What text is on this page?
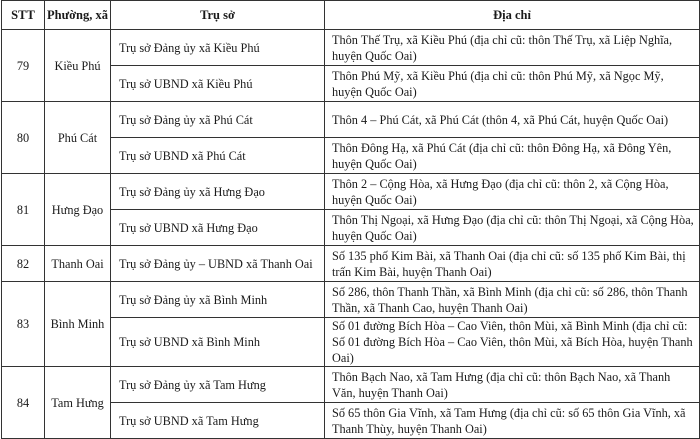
STT	Phường, xã	Trụ sở	Địa chỉ
79	Kiều Phú	Trụ sở Đảng ủy xã Kiều Phú	Thôn Thế Trụ, xã Kiều Phú (địa chỉ cũ: thôn Thế Trụ, xã Liệp Nghĩa, huyện Quốc Oai)
		Trụ sở UBND xã Kiều Phú	Thôn Phú Mỹ, xã Kiều Phú (địa chỉ cũ: thôn Phú Mỹ, xã Ngọc Mỹ, huyện Quốc Oai)
80	Phú Cát	Trụ sở Đảng ủy xã Phú Cát	Thôn 4 – Phú Cát, xã Phú Cát (thôn 4, xã Phú Cát, huyện Quốc Oai)
		Trụ sở UBND xã Phú Cát	Thôn Đông Hạ, xã Phú Cát (địa chỉ cũ: thôn Đông Hạ, xã Đông Yên, huyện Quốc Oai)
81	Hưng Đạo	Trụ sở Đảng ủy xã Hưng Đạo	Thôn 2 – Cộng Hòa, xã Hưng Đạo (địa chỉ cũ: thôn 2, xã Cộng Hòa, huyện Quốc Oai)
		Trụ sở UBND xã Hưng Đạo	Thôn Thị Ngoại, xã Hưng Đạo (địa chỉ cũ: thôn Thị Ngoại, xã Cộng Hòa, huyện Quốc Oai)
82	Thanh Oai	Trụ sở Đảng ủy – UBND xã Thanh Oai	Số 135 phố Kim Bài, xã Thanh Oai (địa chỉ cũ: số 135 phố Kim Bài, thị trấn Kim Bài, huyện Thanh Oai)
83	Bình Minh	Trụ sở Đảng ủy xã Bình Minh	Số 286, thôn Thanh Thần, xã Bình Minh (địa chỉ cũ: số 286, thôn Thanh Thần, xã Thanh Cao, huyện Thanh Oai)
		Trụ sở UBND xã Bình Minh	Số 01 đường Bích Hòa – Cao Viên, thôn Mùi, xã Bình Minh (địa chỉ cũ: Số 01 đường Bích Hòa – Cao Viên, thôn Mùi, xã Bích Hòa, huyện Thanh Oai)
84	Tam Hưng	Trụ sở Đảng ủy xã Tam Hưng	Thôn Bạch Nao, xã Tam Hưng (địa chỉ cũ: thôn Bạch Nao, xã Thanh Văn, huyện Thanh Oai)
		Trụ sở UBND xã Tam Hưng	Số 65 thôn Gia Vĩnh, xã Tam Hưng (địa chỉ cũ: số 65 thôn Gia Vĩnh, xã Thanh Thùy, huyện Thanh Oai)
